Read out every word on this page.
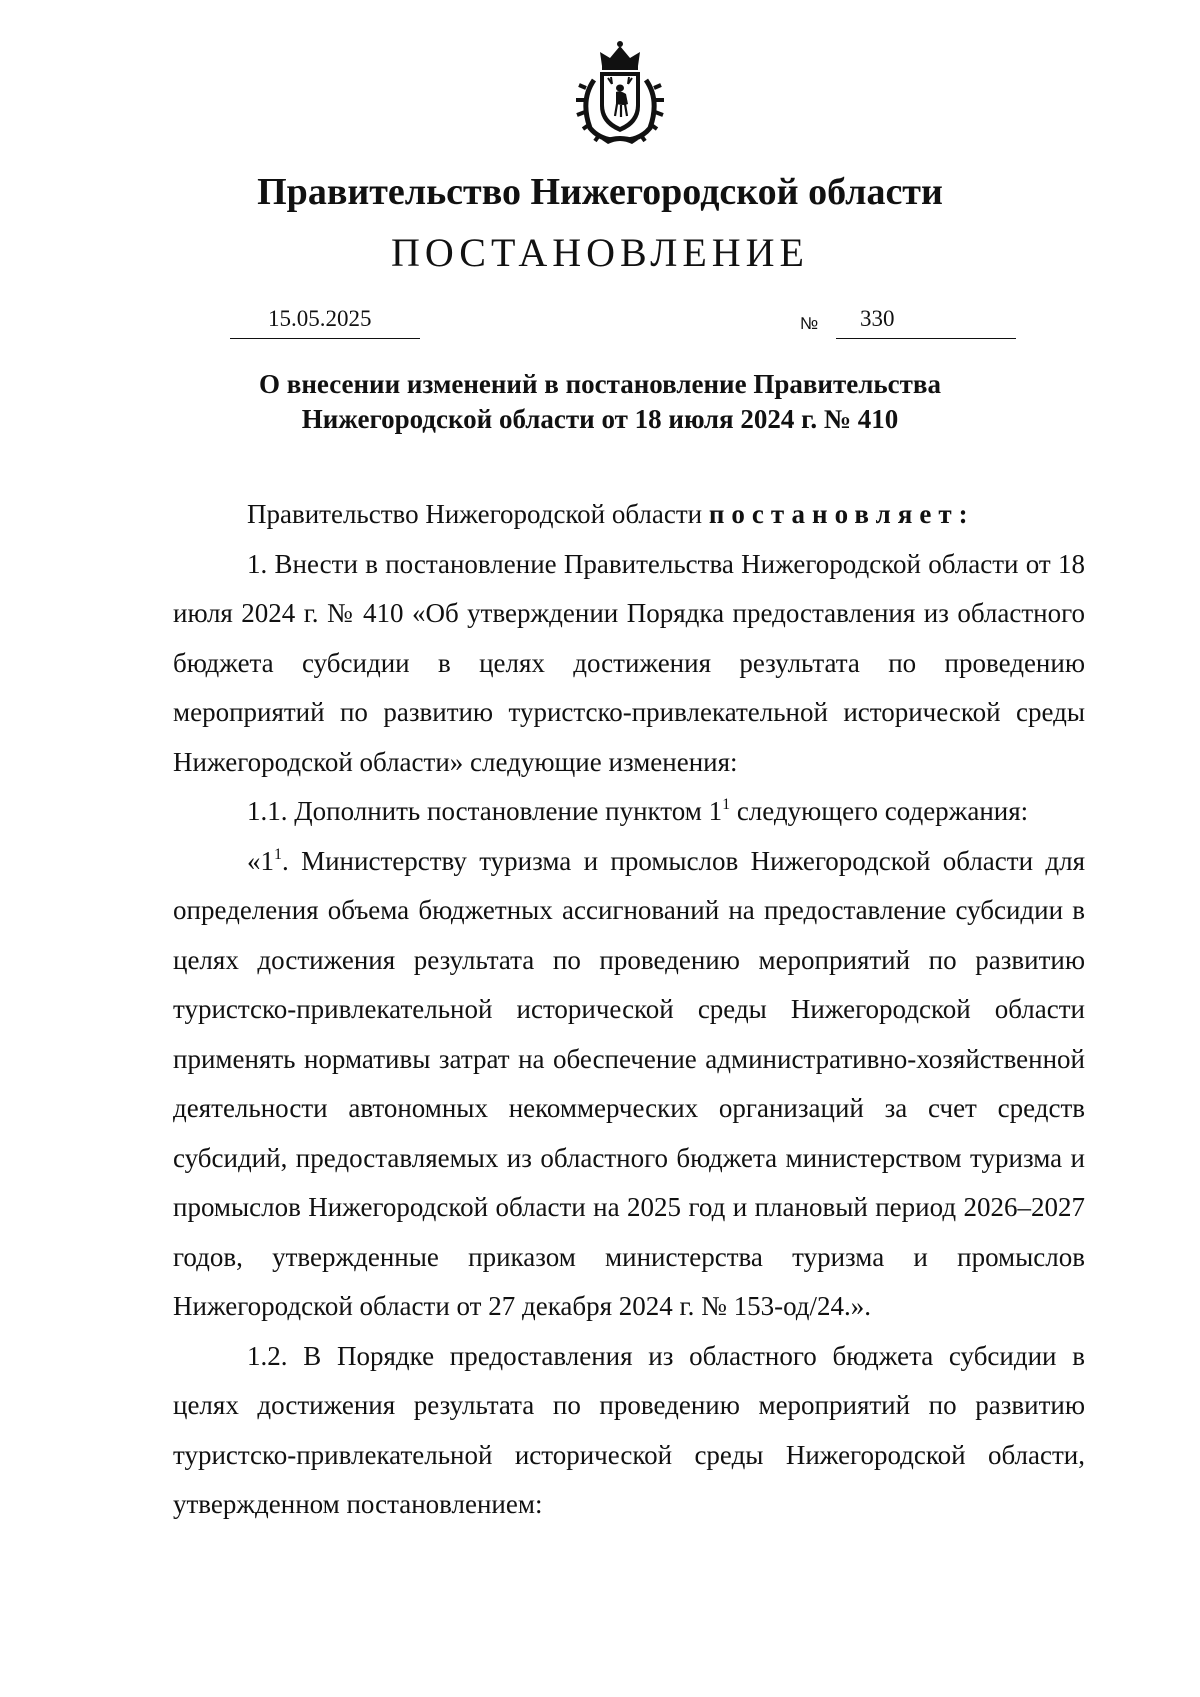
Правительство Нижегородской области
ПОСТАНОВЛЕНИЕ
15.05.2025	№ 330
О внесении изменений в постановление Правительства
Нижегородской области от 18 июля 2024 г. № 410

Правительство Нижегородской области постановляет:

1. Внести в постановление Правительства Нижегородской области от 18 июля 2024 г. № 410 «Об утверждении Порядка предоставления из областного бюджета субсидии в целях достижения результата по проведению мероприятий по развитию туристско-привлекательной исторической среды Нижегородской области» следующие изменения:

1.1. Дополнить постановление пунктом $1^1$ следующего содержания:

«$1^1$. Министерству туризма и промыслов Нижегородской области для определения объема бюджетных ассигнований на предоставление субсидии в целях достижения результата по проведению мероприятий по развитию туристско-привлекательной исторической среды Нижегородской области применять нормативы затрат на обеспечение административно-хозяйственной деятельности автономных некоммерческих организаций за счет средств субсидий, предоставляемых из областного бюджета министерством туризма и промыслов Нижегородской области на 2025 год и плановый период 2026–2027 годов, утвержденные приказом министерства туризма и промыслов Нижегородской области от 27 декабря 2024 г. № 153-од/24.».

1.2. В Порядке предоставления из областного бюджета субсидии в целях достижения результата по проведению мероприятий по развитию туристско-привлекательной исторической среды Нижегородской области, утвержденном постановлением:
